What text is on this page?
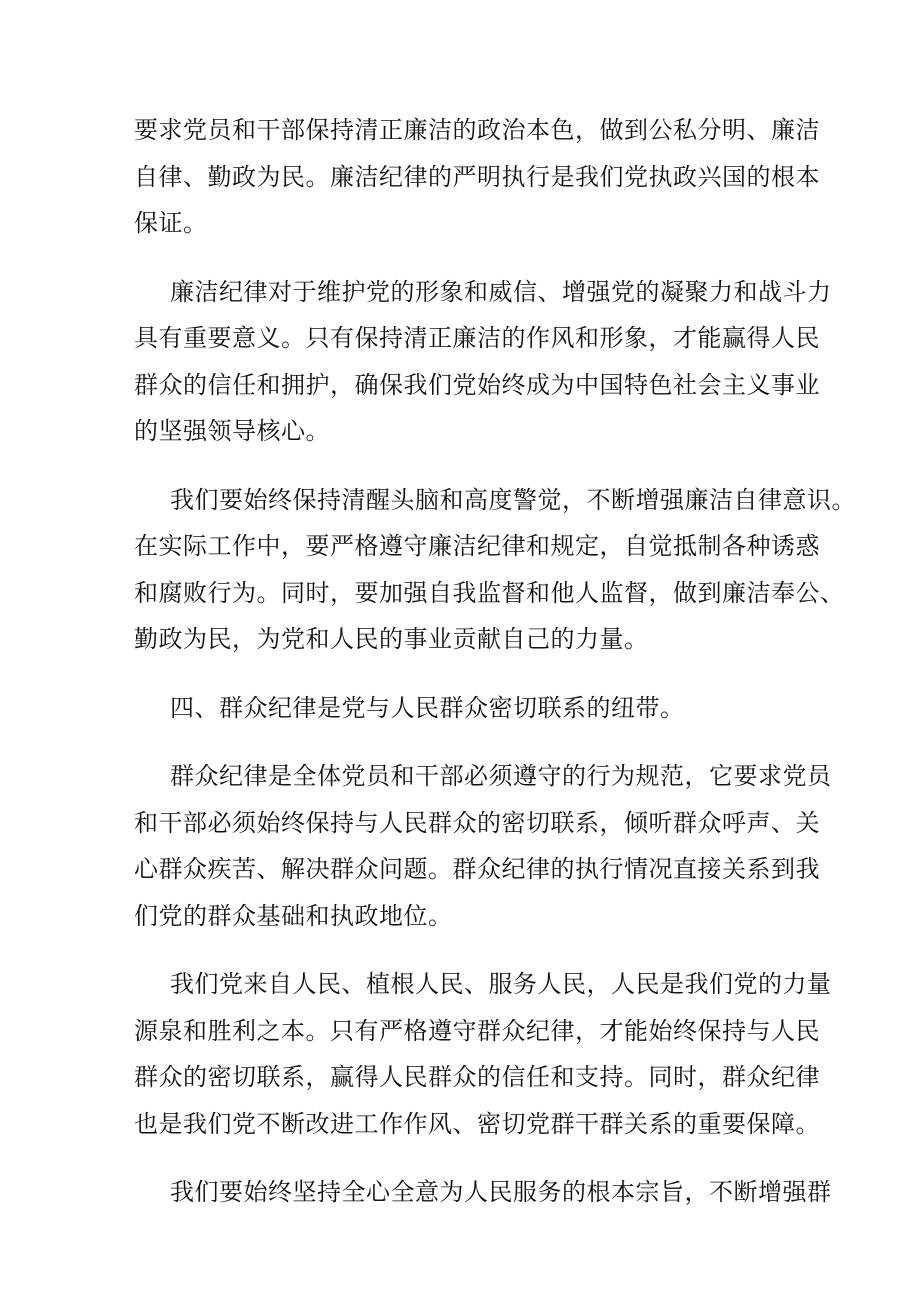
要求党员和干部保持清正廉洁的政治本色，做到公私分明、廉洁
自律、勤政为民。廉洁纪律的严明执行是我们党执政兴国的根本
保证。

廉洁纪律对于维护党的形象和威信、增强党的凝聚力和战斗力
具有重要意义。只有保持清正廉洁的作风和形象，才能赢得人民
群众的信任和拥护，确保我们党始终成为中国特色社会主义事业
的坚强领导核心。

我们要始终保持清醒头脑和高度警觉，不断增强廉洁自律意识。
在实际工作中，要严格遵守廉洁纪律和规定，自觉抵制各种诱惑
和腐败行为。同时，要加强自我监督和他人监督，做到廉洁奉公、
勤政为民，为党和人民的事业贡献自己的力量。

四、群众纪律是党与人民群众密切联系的纽带。

群众纪律是全体党员和干部必须遵守的行为规范，它要求党员
和干部必须始终保持与人民群众的密切联系，倾听群众呼声、关
心群众疾苦、解决群众问题。群众纪律的执行情况直接关系到我
们党的群众基础和执政地位。

我们党来自人民、植根人民、服务人民，人民是我们党的力量
源泉和胜利之本。只有严格遵守群众纪律，才能始终保持与人民
群众的密切联系，赢得人民群众的信任和支持。同时，群众纪律
也是我们党不断改进工作作风、密切党群干群关系的重要保障。

我们要始终坚持全心全意为人民服务的根本宗旨，不断增强群
